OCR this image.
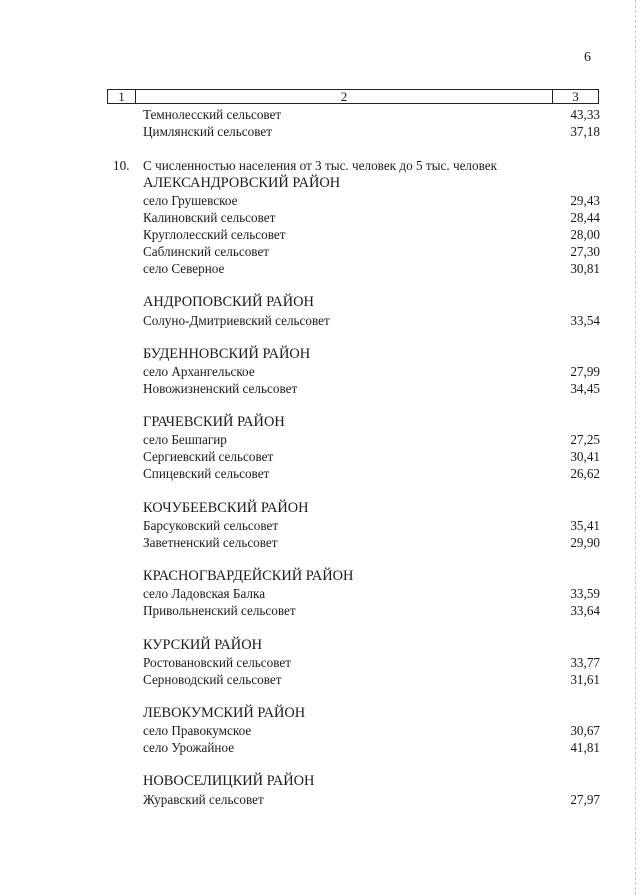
6
1	2	3
Темнолесский сельсовет	43,33
Цимлянский сельсовет	37,18
10. С численностью населения от 3 тыс. человек до 5 тыс. человек
АЛЕКСАНДРОВСКИЙ РАЙОН
село Грушевское	29,43
Калиновский сельсовет	28,44
Круглолесский сельсовет	28,00
Саблинский сельсовет	27,30
село Северное	30,81
АНДРОПОВСКИЙ РАЙОН
Солуно-Дмитриевский сельсовет	33,54
БУДЕННОВСКИЙ РАЙОН
село Архангельское	27,99
Новожизненский сельсовет	34,45
ГРАЧЕВСКИЙ РАЙОН
село Бешпагир	27,25
Сергиевский сельсовет	30,41
Спицевский сельсовет	26,62
КОЧУБЕЕВСКИЙ РАЙОН
Барсуковский сельсовет	35,41
Заветненский сельсовет	29,90
КРАСНОГВАРДЕЙСКИЙ РАЙОН
село Ладовская Балка	33,59
Привольненский сельсовет	33,64
КУРСКИЙ РАЙОН
Ростовановский сельсовет	33,77
Серноводский сельсовет	31,61
ЛЕВОКУМСКИЙ РАЙОН
село Правокумское	30,67
село Урожайное	41,81
НОВОСЕЛИЦКИЙ РАЙОН
Журавский сельсовет	27,97
